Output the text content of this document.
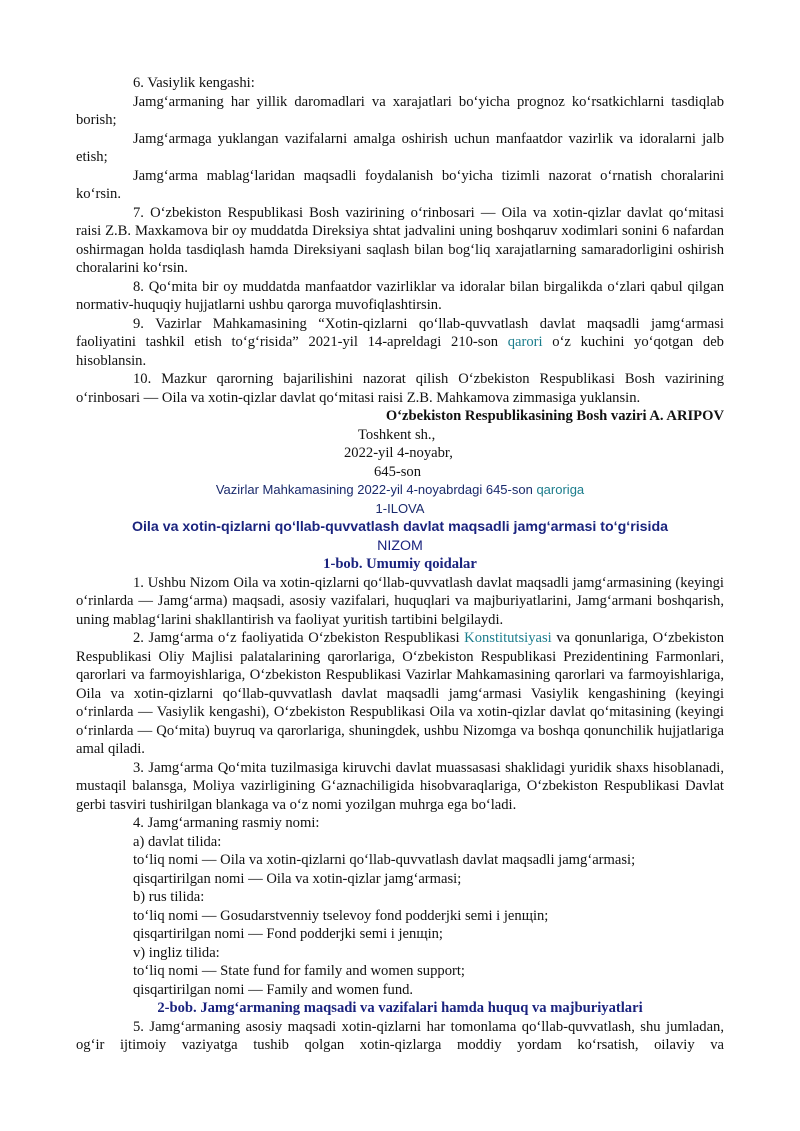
6. Vasiylik kengashi:

Jamg‘armaning har yillik daromadlari va xarajatlari bo‘yicha prognoz ko‘rsatkichlarni tasdiqlab borish;

Jamg‘armaga yuklangan vazifalarni amalga oshirish uchun manfaatdor vazirlik va idoralarni jalb etish;

Jamg‘arma mablag‘laridan maqsadli foydalanish bo‘yicha tizimli nazorat o‘rnatish choralarini ko‘rsin.

7. O‘zbekiston Respublikasi Bosh vazirining o‘rinbosari — Oila va xotin-qizlar davlat qo‘mitasi raisi Z.B. Maxkamova bir oy muddatda Direksiya shtat jadvalini uning boshqaruv xodimlari sonini 6 nafardan oshirmagan holda tasdiqlash hamda Direksiyani saqlash bilan bog‘liq xarajatlarning samaradorligini oshirish choralarini ko‘rsin.

8. Qo‘mita bir oy muddatda manfaatdor vazirliklar va idoralar bilan birgalikda o‘zlari qabul qilgan normativ-huquqiy hujjatlarni ushbu qarorga muvofiqlashtirsin.

9. Vazirlar Mahkamasining “Xotin-qizlarni qo‘llab-quvvatlash davlat maqsadli jamg‘armasi faoliyatini tashkil etish to‘g‘risida” 2021-yil 14-apreldagi 210-son qarori o‘z kuchini yo‘qotgan deb hisoblansin.

10. Mazkur qarorning bajarilishini nazorat qilish O‘zbekiston Respublikasi Bosh vazirining o‘rinbosari — Oila va xotin-qizlar davlat qo‘mitasi raisi Z.B. Mahkamova zimmasiga yuklansin.

O‘zbekiston Respublikasining Bosh vaziri A. ARIPOV

Toshkent sh.,

2022-yil 4-noyabr,

645-son

Vazirlar Mahkamasining 2022-yil 4-noyabrdagi 645-son qaroriga

1-ILOVA

Oila va xotin-qizlarni qo‘llab-quvvatlash davlat maqsadli jamg‘armasi to‘g‘risida

NIZOM

1-bob. Umumiy qoidalar

1. Ushbu Nizom Oila va xotin-qizlarni qo‘llab-quvvatlash davlat maqsadli jamg‘armasining (keyingi o‘rinlarda — Jamg‘arma) maqsadi, asosiy vazifalari, huquqlari va majburiyatlarini, Jamg‘armani boshqarish, uning mablag‘larini shakllantirish va faoliyat yuritish tartibini belgilaydi.

2. Jamg‘arma o‘z faoliyatida O‘zbekiston Respublikasi Konstitutsiyasi va qonunlariga, O‘zbekiston Respublikasi Oliy Majlisi palatalarining qarorlariga, O‘zbekiston Respublikasi Prezidentining Farmonlari, qarorlari va farmoyishlariga, O‘zbekiston Respublikasi Vazirlar Mahkamasining qarorlari va farmoyishlariga, Oila va xotin-qizlarni qo‘llab-quvvatlash davlat maqsadli jamg‘armasi Vasiylik kengashining (keyingi o‘rinlarda — Vasiylik kengashi), O‘zbekiston Respublikasi Oila va xotin-qizlar davlat qo‘mitasining (keyingi o‘rinlarda — Qo‘mita) buyruq va qarorlariga, shuningdek, ushbu Nizomga va boshqa qonunchilik hujjatlariga amal qiladi.

3. Jamg‘arma Qo‘mita tuzilmasiga kiruvchi davlat muassasasi shaklidagi yuridik shaxs hisoblanadi, mustaqil balansga, Moliya vazirligining G‘aznachiligida hisobvaraqlariga, O‘zbekiston Respublikasi Davlat gerbi tasviri tushirilgan blankaga va o‘z nomi yozilgan muhrga ega bo‘ladi.

4. Jamg‘armaning rasmiy nomi:

a) davlat tilida:

to‘liq nomi — Oila va xotin-qizlarni qo‘llab-quvvatlash davlat maqsadli jamg‘armasi;

qisqartirilgan nomi — Oila va xotin-qizlar jamg‘armasi;

b) rus tilida:

to‘liq nomi — Gosudarstvenniy tselevoy fond podderjki semi i jenщin;

qisqartirilgan nomi — Fond podderjki semi i jenщin;

v) ingliz tilida:

to‘liq nomi — State fund for family and women support;

qisqartirilgan nomi — Family and women fund.

2-bob. Jamg‘armaning maqsadi va vazifalari hamda huquq va majburiyatlari

5. Jamg‘armaning asosiy maqsadi xotin-qizlarni har tomonlama qo‘llab-quvvatlash, shu jumladan, og‘ir ijtimoiy vaziyatga tushib qolgan xotin-qizlarga moddiy yordam ko‘rsatish, oilaviy va
